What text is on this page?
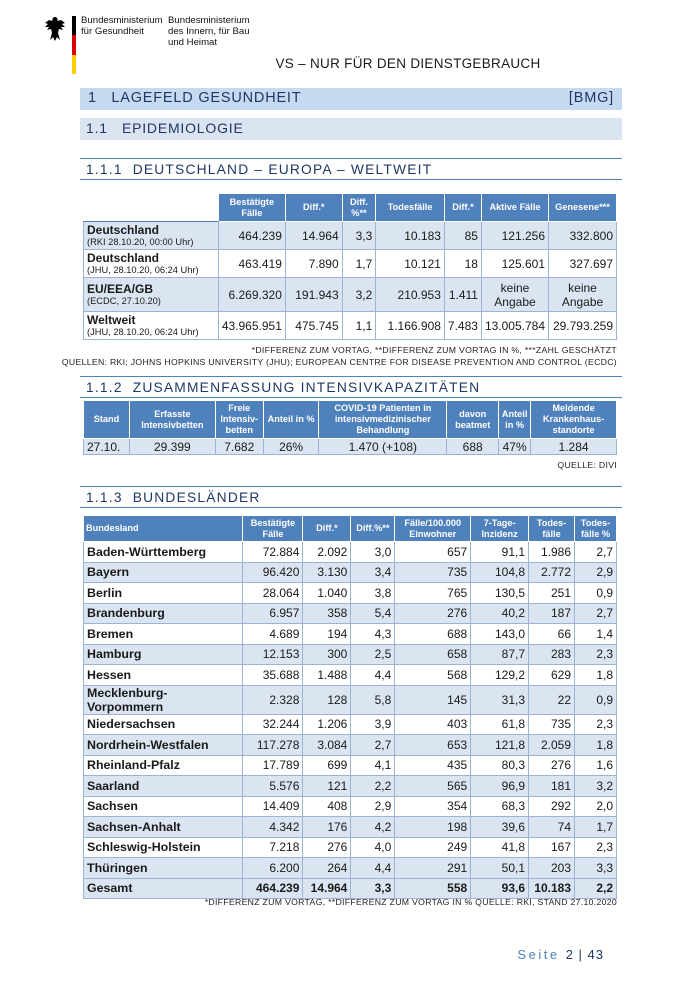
Bundesministerium
für Gesundheit
Bundesministerium
des Innern, für Bau
und Heimat
VS – NUR FÜR DEN DIENSTGEBRAUCH
1 LAGEFELD GESUNDHEIT	[BMG]
1.1 EPIDEMIOLOGIE
1.1.1 DEUTSCHLAND – EUROPA – WELTWEIT
	Bestätigte Fälle	Diff.*	Diff. %**	Todesfälle	Diff.*	Aktive Fälle	Genesene***
Deutschland
(RKI 28.10.20, 00:00 Uhr)	464.239	14.964	3,3	10.183	85	121.256	332.800
Deutschland
(JHU, 28.10.20, 06:24 Uhr)	463.419	7.890	1,7	10.121	18	125.601	327.697
EU/EEA/GB
(ECDC, 27.10.20)	6.269.320	191.943	3,2	210.953	1.411	keine Angabe	keine Angabe
Weltweit
(JHU, 28.10.20, 06:24 Uhr)	43.965.951	475.745	1,1	1.166.908	7.483	13.005.784	29.793.259
*DIFFERENZ ZUM VORTAG, **DIFFERENZ ZUM VORTAG IN %, ***ZAHL GESCHÄTZT
QUELLEN: RKI; JOHNS HOPKINS UNIVERSITY (JHU); EUROPEAN CENTRE FOR DISEASE PREVENTION AND CONTROL (ECDC)
1.1.2 ZUSAMMENFASSUNG INTENSIVKAPAZITÄTEN
Stand	Erfasste Intensivbetten	Freie Intensiv-betten	Anteil in %	COVID-19 Patienten in intensivmedizinischer Behandlung	davon beatmet	Anteil in %	Meldende Krankenhaus-standorte
27.10.	29.399	7.682	26%	1.470 (+108)	688	47%	1.284
QUELLE: DIVI
1.1.3 BUNDESLÄNDER
Bundesland	Bestätigte Fälle	Diff.*	Diff.%**	Fälle/100.000 Einwohner	7-Tage-Inzidenz	Todes-fälle	Todes-fälle %
Baden-Württemberg	72.884	2.092	3,0	657	91,1	1.986	2,7
Bayern	96.420	3.130	3,4	735	104,8	2.772	2,9
Berlin	28.064	1.040	3,8	765	130,5	251	0,9
Brandenburg	6.957	358	5,4	276	40,2	187	2,7
Bremen	4.689	194	4,3	688	143,0	66	1,4
Hamburg	12.153	300	2,5	658	87,7	283	2,3
Hessen	35.688	1.488	4,4	568	129,2	629	1,8
Mecklenburg-Vorpommern	2.328	128	5,8	145	31,3	22	0,9
Niedersachsen	32.244	1.206	3,9	403	61,8	735	2,3
Nordrhein-Westfalen	117.278	3.084	2,7	653	121,8	2.059	1,8
Rheinland-Pfalz	17.789	699	4,1	435	80,3	276	1,6
Saarland	5.576	121	2,2	565	96,9	181	3,2
Sachsen	14.409	408	2,9	354	68,3	292	2,0
Sachsen-Anhalt	4.342	176	4,2	198	39,6	74	1,7
Schleswig-Holstein	7.218	276	4,0	249	41,8	167	2,3
Thüringen	6.200	264	4,4	291	50,1	203	3,3
Gesamt	464.239	14.964	3,3	558	93,6	10.183	2,2
*DIFFERENZ ZUM VORTAG, **DIFFERENZ ZUM VORTAG IN % QUELLE: RKI, STAND 27.10.2020
Seite 2 | 43
